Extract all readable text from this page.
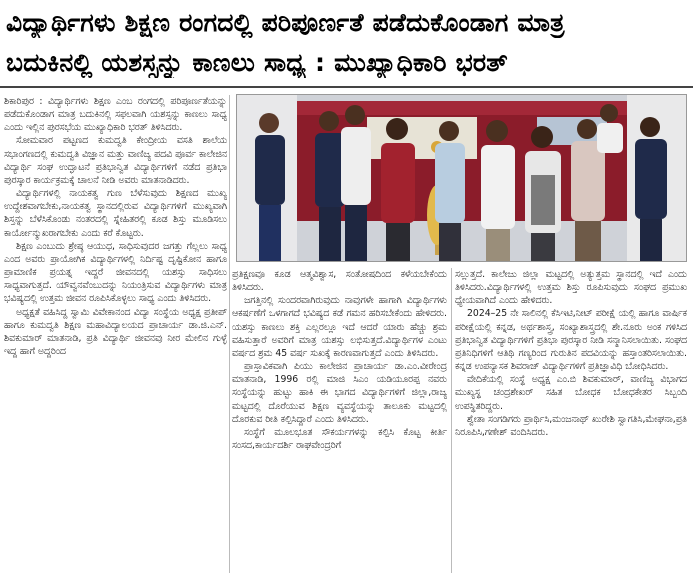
ವಿದ್ಯಾರ್ಥಿಗಳು ಶಿಕ್ಷಣ ರಂಗದಲ್ಲಿ ಪರಿಪೂರ್ಣತೆ ಪಡೆದುಕೊಂಡಾಗ ಮಾತ್ರ
ಬದುಕಿನಲ್ಲಿ ಯಶಸ್ಸನ್ನು ಕಾಣಲು ಸಾಧ್ಯ : ಮುಖ್ಯಾಧಿಕಾರಿ ಭರತ್

ಶಿಕಾರಿಪುರ : ವಿದ್ಯಾರ್ಥಿಗಳು ಶಿಕ್ಷಣ ಎಂಬ ರಂಗದಲ್ಲಿ ಪರಿಪೂರ್ಣತೆಯನ್ನು ಪಡೆದುಕೊಂಡಾಗ ಮಾತ್ರ ಬದುಕಿನಲ್ಲಿ ಸಫಲವಾಗಿ ಯಶಸ್ಸನ್ನು ಕಾಣಲು ಸಾಧ್ಯ ಎಂದು ಇಲ್ಲಿನ ಪುರಸಭೆಯ ಮುಖ್ಯಾಧಿಕಾರಿ ಭರತ್ ತಿಳಿಸಿದರು.

ಸೋಮವಾರ ಪಟ್ಟಣದ ಕುಮದ್ವತಿ ಕೇಂದ್ರೀಯ ವಸತಿ ಶಾಲೆಯ ಸಭಾಂಗಣದಲ್ಲಿ ಕುಮದ್ವತಿ ವಿಜ್ಞಾನ ಮತ್ತು ವಾಣಿಜ್ಯ ಪದವಿ ಪೂರ್ವ ಕಾಲೇಜಿನ ವಿದ್ಯಾರ್ಥಿ ಸಂಘ ಉದ್ಘಾಟನೆ ಪ್ರತಿಭಾನ್ವಿತ ವಿದ್ಯಾರ್ಥಿಗಳಿಗೆ ನಡೆದ ಪ್ರತಿಭಾ ಪುರಸ್ಕಾರ ಕಾರ್ಯಕ್ರಮಕ್ಕೆ ಚಾಲನೆ ನೀಡಿ ಅವರು ಮಾತನಾಡಿದರು.

ವಿದ್ಯಾರ್ಥಿಗಳಲ್ಲಿ ನಾಯಕತ್ವ ಗುಣ ಬೆಳೆಸುವುದು ಶಿಕ್ಷಣದ ಮುಖ್ಯ ಉದ್ದೇಶವಾಗಬೇಕು,ನಾಯಕತ್ವ ಸ್ಥಾನದಲ್ಲಿರುವ ವಿದ್ಯಾರ್ಥಿಗಳಿಗೆ ಮುಖ್ಯವಾಗಿ ಶಿಸ್ತನ್ನು ಬೆಳೆಸಿಕೊಂಡು ನಂತರದಲ್ಲಿ ಸ್ನೇಹಿತರಲ್ಲಿ ಕೂಡ ಶಿಸ್ತು ಮೂಡಿಸಲು ಕಾರ್ಯೋನ್ಮುಖರಾಗಬೇಕು ಎಂದು ಕರೆ ಕೊಟ್ಟರು.

ಶಿಕ್ಷಣ ಎಂಬುದು ಶ್ರೇಷ್ಠ ಆಯುಧ, ಸಾಧಿಸುವುದರ ಜಗತ್ತು ಗೆಲ್ಲಲು ಸಾಧ್ಯ ಎಂದ ಅವರು ಪ್ರಾಯೋಗಿಕ ವಿದ್ಯಾರ್ಥಿಗಳಲ್ಲಿ ನಿರ್ದಿಷ್ಟ ದೃಷ್ಟಿಕೋನ ಹಾಗೂ ಪ್ರಾಮಾಣಿಕ ಪ್ರಯತ್ನ ಇದ್ದರೆ ಜೀವನದಲ್ಲಿ ಯಶಸ್ಸು ಸಾಧಿಸಲು ಸಾಧ್ಯವಾಗುತ್ತದೆ. ಯೌವ್ವನವೆಂಬುದನ್ನು ನಿಯಂತ್ರಿಸುವ ವಿದ್ಯಾರ್ಥಿಗಳು ಮಾತ್ರ ಭವಿಷ್ಯದಲ್ಲಿ ಉತ್ತಮ ಜೀವನ ರೂಪಿಸಿಕೊಳ್ಳಲು ಸಾಧ್ಯ ಎಂದು ತಿಳಿಸಿದರು.

ಅಧ್ಯಕ್ಷತೆ ವಹಿಸಿದ್ದ ಸ್ವಾಮಿ ವಿವೇಕಾನಂದ ವಿದ್ಯಾ ಸಂಸ್ಥೆಯ ಅಧ್ಯಕ್ಷ ಪ್ರತೀಪ್ ಹಾಗೂ ಕುಮದ್ವತಿ ಶಿಕ್ಷಣ ಮಹಾವಿದ್ಯಾಲಯದ ಪ್ರಾಚಾರ್ಯ ಡಾ.ಜಿ.ಎನ್. ಶಿವಕುಮಾರ್ ಮಾತನಾಡಿ, ಪ್ರತಿ ವಿದ್ಯಾರ್ಥಿ ಜೀವನವು ನೀರ ಮೇಲಿನ ಗುಳ್ಳೆ ಇದ್ದ ಹಾಗೆ ಅದ್ದರಿಂದ

ಪ್ರತಿಕ್ಷಣವೂ ಕೂಡ ಆತ್ಮವಿಶ್ವಾಸ, ಸಂತೋಷದಿಂದ ಕಳೆಯಬೇಕೆಂದು ತಿಳಿಸಿದರು.

ಜಗತ್ತಿನಲ್ಲಿ ಸುಂದರವಾಗಿರುವುದು ನಾವುಗಳೇ ಹಾಗಾಗಿ ವಿದ್ಯಾರ್ಥಿಗಳು ಆಕರ್ಷಣೆಗೆ ಒಳಗಾಗದೆ ಭವಿಷ್ಯದ ಕಡೆ ಗಮನ ಹರಿಸಬೇಕೆಂದು ಹೇಳಿದರು. ಯಶಸ್ಸು ಕಾಣಲು ಶಕ್ತಿ ಎಲ್ಲರಲ್ಲೂ ಇದೆ ಆದರೆ ಯಾರು ಹೆಚ್ಚು ಶ್ರಮ ವಹಿಸುತ್ತಾರೆ ಅವರಿಗೆ ಮಾತ್ರ ಯಶಸ್ಸು ಲಭಿಸುತ್ತದೆ.ವಿದ್ಯಾರ್ಥಿಗಳ ಎಂಟು ವರ್ಷದ ಶ್ರಮ 45 ವರ್ಷ ಸುಖಕ್ಕೆ ಕಾರಣವಾಗುತ್ತದೆ ಎಂದು ತಿಳಿಸಿದರು.

ಪ್ರಾಸ್ತಾವಿಕವಾಗಿ ಪಿಯು ಕಾಲೇಜಿನ ಪ್ರಾಚಾರ್ಯ ಡಾ.ಎಂ.ವೀರೇಂದ್ರ ಮಾತನಾಡಿ, 1996 ರಲ್ಲಿ ಮಾಜಿ ಸಿಎಂ ಯಡಿಯೂರಪ್ಪ ನವರು ಸಂಸ್ಥೆಯನ್ನು ಹುಟ್ಟು ಹಾಕಿ ಈ ಭಾಗದ ವಿದ್ಯಾರ್ಥಿಗಳಿಗೆ ಜಿಲ್ಲಾ,ರಾಜ್ಯ ಮಟ್ಟದಲ್ಲಿ ದೊರೆಯುವ ಶಿಕ್ಷಣ ವ್ಯವಸ್ಥೆಯನ್ನು ತಾಲೂಕು ಮಟ್ಟದಲ್ಲಿ ದೊರಕುವ ರೀತಿ ಕಲ್ಪಿಸಿದ್ದಾರೆ ಎಂದು ತಿಳಿಸಿದರು.

ಸಂಸ್ಥೆಗೆ ಮೂಲಭೂತ ಸೌಕರ್ಯಗಳನ್ನು ಕಲ್ಪಿಸಿ ಕೊಟ್ಟ ಕೀರ್ತಿ ಸಂಸದ,ಕಾರ್ಯದರ್ಶಿ ರಾಘವೇಂದ್ರರಿಗೆ

ಸಲ್ಲುತ್ತದೆ. ಕಾಲೇಜು ಜಿಲ್ಲಾ ಮಟ್ಟದಲ್ಲಿ ಅತ್ಯುತ್ತಮ ಸ್ಥಾನದಲ್ಲಿ ಇದೆ ಎಂದು ತಿಳಿಸಿದರು.ವಿದ್ಯಾರ್ಥಿಗಳಲ್ಲಿ ಉತ್ತಮ ಶಿಸ್ತು ರೂಪಿಸುವುದು ಸಂಘದ ಪ್ರಮುಖ ಧ್ಯೇಯವಾಗಿದೆ ಎಂದು ಹೇಳಿದರು.

2024–25 ನೇ ಸಾಲಿನಲ್ಲಿ ಕೆಸಿಇಟಿ,ನೀಟ್ ಪರೀಕ್ಷೆ ಯಲ್ಲಿ ಹಾಗೂ ವಾರ್ಷಿಕ ಪರೀಕ್ಷೆಯಲ್ಲಿ ಕನ್ನಡ, ಅರ್ಥಶಾಸ್ತ್ರ, ಸಂಖ್ಯಾಶಾಸ್ತ್ರದಲ್ಲಿ ಶೇ.ನೂರು ಅಂಕ ಗಳಿಸಿದ ಪ್ರತಿಭಾನ್ವಿತ ವಿದ್ಯಾರ್ಥಿಗಳಿಗೆ ಪ್ರತಿಭಾ ಪುರಸ್ಕಾರ ನೀಡಿ ಸನ್ಮಾನಿಸಲಾಯಿತು. ಸಂಘದ ಪ್ರತಿನಿಧಿಗಳಿಗೆ ಆತಿಥಿ ಗಣ್ಯರಿಂದ ಗುರುತಿನ ಪದವಿಯನ್ನು ಹಸ್ತಾಂತರಿಸಲಾಯಿತು. ಕನ್ನಡ ಉಪನ್ಯಾಸಕ ಶಿವರಾಜ್ ವಿದ್ಯಾರ್ಥಿಗಳಿಗೆ ಪ್ರತಿಜ್ಞಾವಿಧಿ ಬೋಧಿಸಿದರು.

ವೇದಿಕೆಯಲ್ಲಿ ಸಂಸ್ಥೆ ಅಧ್ಯಕ್ಷ ಎಂ.ಬಿ ಶಿವಕುಮಾರ್, ವಾಣಿಜ್ಯ ವಿಭಾಗದ ಮುಖ್ಯಸ್ಥ ಚಂದ್ರಶೇಖರ್ ಸಹಿತ ಬೋಧಕ ಬೋಧಕೇತರ ಸಿಬ್ಬಂದಿ ಉಪಸ್ಥಿತರಿದ್ದರು.

ಶ್ವೇತಾ ಸಂಗಡಿಗರು ಪ್ರಾರ್ಥಿಸಿ,ಮಂಜನಾಥ್ ಖುರೇಶಿ ಸ್ವಾಗತಿಸಿ,ಮೇಘನಾ,ಪ್ರತಿ ನಿರೂಪಿಸಿ,ಗಣೇಶ್ ವಂದಿಸಿದರು.
